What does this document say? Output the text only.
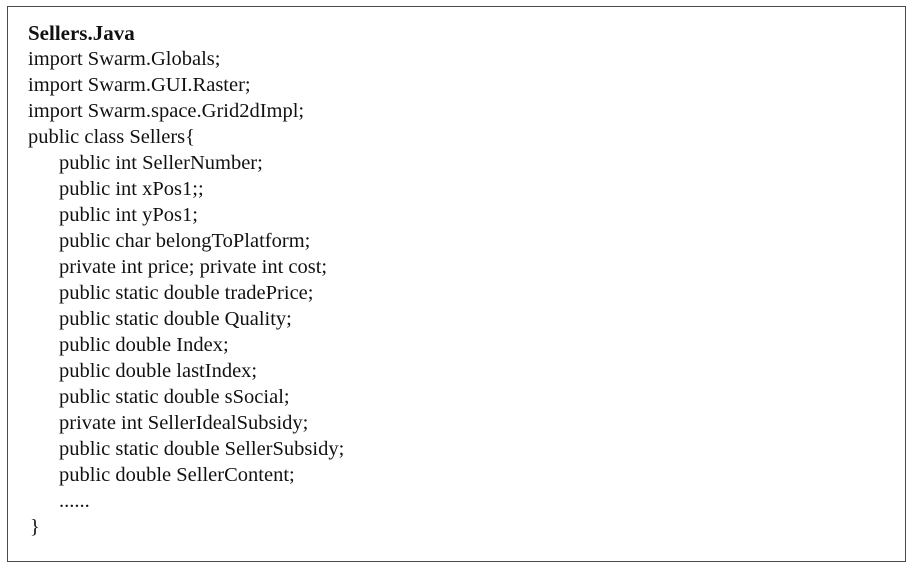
Sellers.Java
import Swarm.Globals;
import Swarm.GUI.Raster;
import Swarm.space.Grid2dImpl;
public class Sellers{
public int SellerNumber;
public int xPos1;;
public int yPos1;
public char belongToPlatform;
private int price; private int cost;
public static double tradePrice;
public static double Quality;
public double Index;
public double lastIndex;
public static double sSocial;
private int SellerIdealSubsidy;
public static double SellerSubsidy;
public double SellerContent;
......
}
